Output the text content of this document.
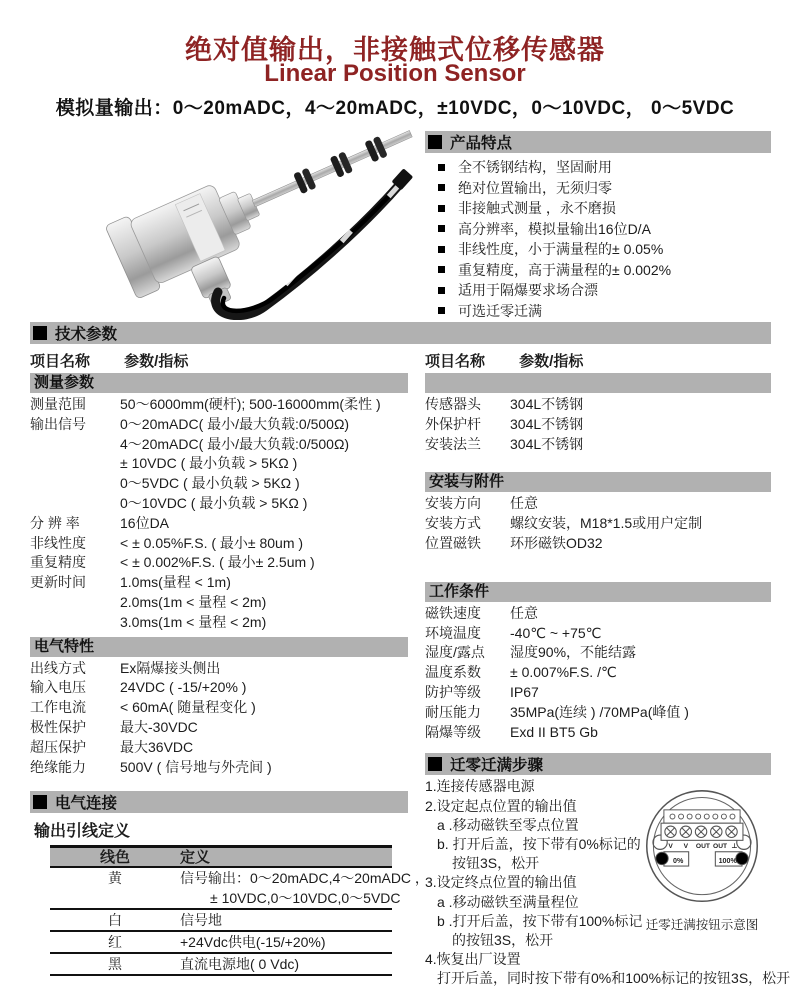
绝对值输出，非接触式位移传感器
Linear Position Sensor
模拟量输出：0～20mADC，4～20mADC，±10VDC，0～10VDC， 0～5VDC
产品特点
全不锈钢结构，坚固耐用
绝对位置输出，无须归零
非接触式测量 ，永不磨损
高分辨率，模拟量输出16位D/A
非线性度，小于满量程的± 0.05%
重复精度，高于满量程的± 0.002%
适用于隔爆要求场合漂
可选迁零迁满
技术参数
项目名称 参数/指标
测量参数
测量范围	50～6000mm(硬杆); 500-16000mm(柔性 )
输出信号	0～20mADC( 最小/最大负载:0/500Ω)
4～20mADC( 最小/最大负载:0/500Ω)
± 10VDC ( 最小负载 > 5KΩ )
0～5VDC ( 最小负载 > 5KΩ )
0～10VDC ( 最小负载 > 5KΩ )
分 辨 率	16位DA
非线性度	< ± 0.05%F.S. ( 最小± 80um )
重复精度	< ± 0.002%F.S. ( 最小± 2.5um )
更新时间	1.0ms(量程 < 1m)
2.0ms(1m < 量程 < 2m)
3.0ms(1m < 量程 < 2m)
电气特性
出线方式	Ex隔爆接头侧出
输入电压	24VDC ( -15/+20% )
工作电流	< 60mA( 随量程变化 )
极性保护	最大-30VDC
超压保护	最大36VDC
绝缘能力	500V ( 信号地与外壳间 )
电气连接
输出引线定义
线色	定义
黄	信号输出：0～20mADC,4～20mADC ，
± 10VDC,0～10VDC,0～5VDC
白	信号地
红	+24Vdc供电(-15/+20%)
黑	直流电源地( 0 Vdc)
项目名称 参数/指标
传感器头	304L不锈钢
外保护杆	304L不锈钢
安装法兰	304L不锈钢
安装与附件
安装方向	任意
安装方式	螺纹安装，M18*1.5或用户定制
位置磁铁	环形磁铁OD32
工作条件
磁铁速度	任意
环境温度	-40℃ ~ +75℃
湿度/露点	湿度90%，不能结露
温度系数	± 0.007%F.S. /℃
防护等级	IP67
耐压能力	35MPa(连续 ) /70MPa(峰值 )
隔爆等级	Exd II BT5 Gb
迁零迁满步骤
1.连接传感器电源
2.设定起点位置的输出值
a .移动磁铁至零点位置
b. 打开后盖，按下带有0%标记的
按钮3S，松开
3.设定终点位置的输出值
a .移动磁铁至满量程位
b .打开后盖，按下带有100%标记
的按钮3S，松开
4.恢复出厂设置
打开后盖，同时按下带有0%和100%标记的按钮3S，松开
V V OUT OUT ⊥
0%	100%
迁零迁满按钮示意图
